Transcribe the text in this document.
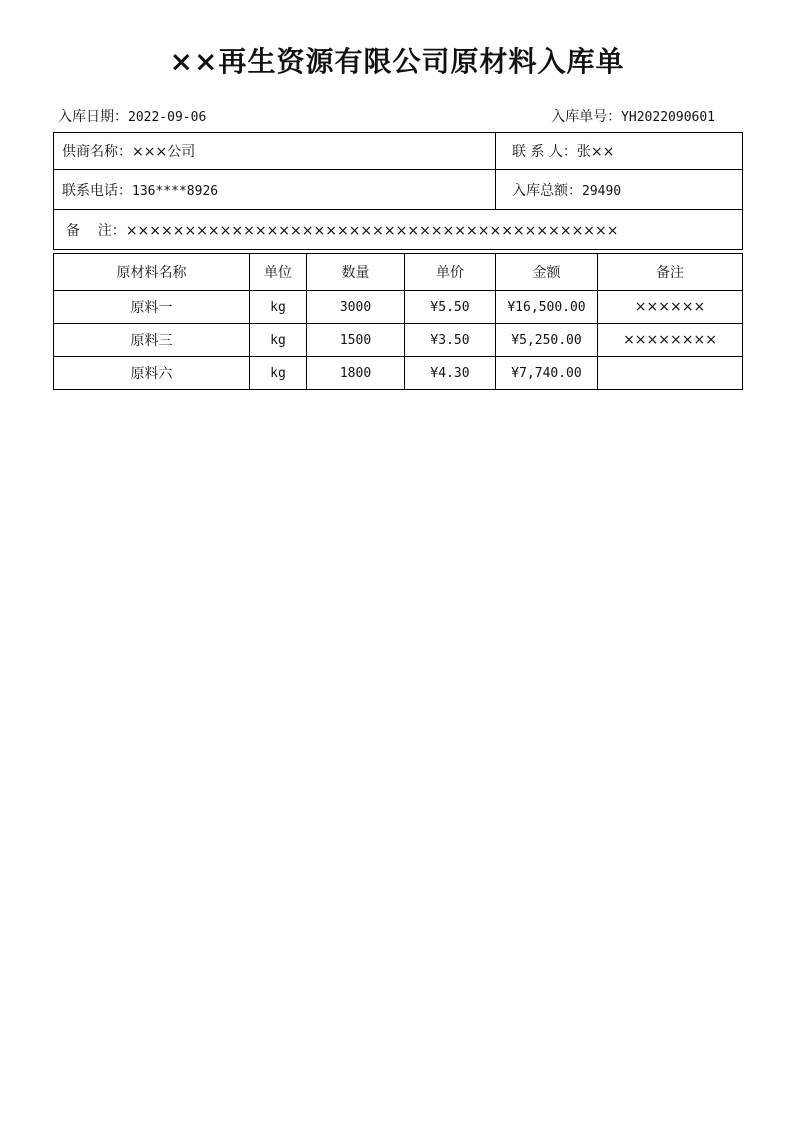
××再生资源有限公司原材料入库单
入库日期：2022-09-06	入库单号：YH2022090601
供商名称：×××公司	联 系 人：张××
联系电话：136****8926	入库总额：29490
备    注：××××××××××××××××××××××××××××××××××××××××××	
原材料名称	单位	数量	单价	金额	备注
原料一	kg	3000	¥5.50	¥16,500.00	××××××
原料三	kg	1500	¥3.50	¥5,250.00	××××××××
原料六	kg	1800	¥4.30	¥7,740.00	
